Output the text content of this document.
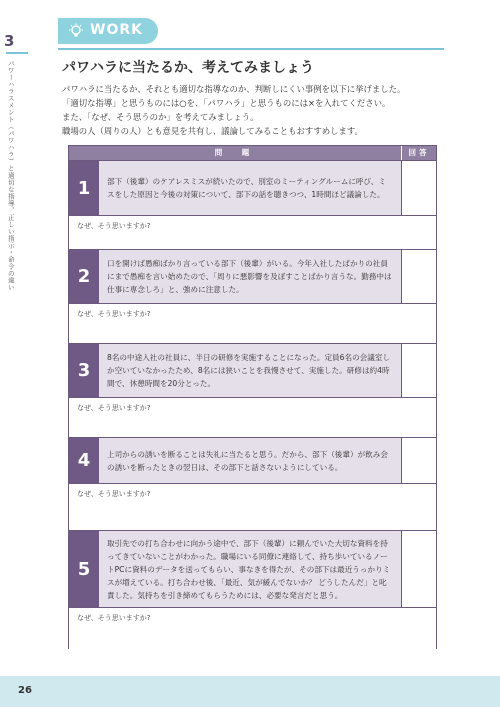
3
パワーハラスメント（パワハラ）と適切な指導、正しい指示・命令の違い
WORK
パワハラに当たるか、考えてみましょう

パワハラに当たるか、それとも適切な指導なのか、判断しにくい事例を以下に挙げました。

「適切な指導」と思うものには○を、「パワハラ」と思うものには×を入れてください。

また、「なぜ、そう思うのか」を考えてみましょう。

職場の人（周りの人）とも意見を共有し、議論してみることもおすすめします。

問　題	回答
1	部下（後輩）のケアレスミスが続いたので、別室のミーティングルームに呼び、ミスをした原因と今後の対策について、部下の話を聴きつつ、1時間ほど議論した。
なぜ、そう思いますか?
2
口を開けば愚痴ばかり言っている部下（後輩）がいる。今年入社したばかりの社員にまで愚痴を言い始めたので、「周りに悪影響を及ぼすことばかり言うな。勤務中は仕事に専念しろ」と、強めに注意した。
なぜ、そう思いますか?
3
8名の中途入社の社員に、半日の研修を実施することになった。定員6名の会議室しか空いていなかったため、8名には狭いことを我慢させて、実施した。研修は約4時間で、休憩時間を20分とった。
なぜ、そう思いますか?
4	上司からの誘いを断ることは失礼に当たると思う。だから、部下（後輩）が飲み会の誘いを断ったときの翌日は、その部下と話さないようにしている。
なぜ、そう思いますか?
5
取引先での打ち合わせに向かう途中で、部下（後輩）に頼んでいた大切な資料を持ってきていないことがわかった。職場にいる同僚に連絡して、持ち歩いているノートPCに資料のデータを送ってもらい、事なきを得たが、その部下は最近うっかりミスが増えている。打ち合わせ後、「最近、気が緩んでないか？ どうしたんだ」と叱責した。気持ちを引き締めてもらうためには、必要な発言だと思う。
なぜ、そう思いますか?
26
